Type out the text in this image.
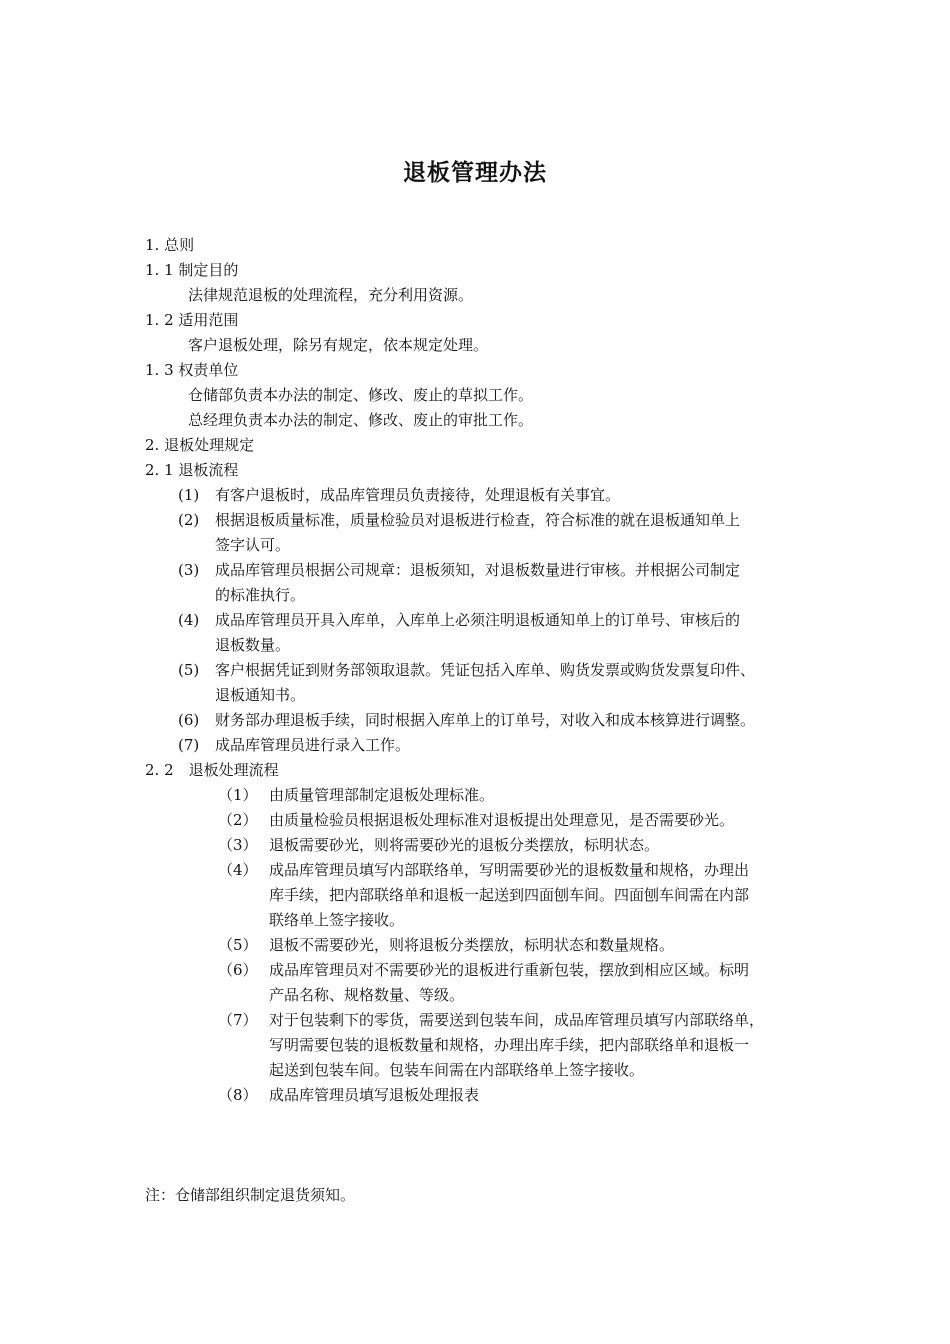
退板管理办法
1. 总则
1. 1 制定目的
法律规范退板的处理流程，充分利用资源。
1. 2 适用范围
客户退板处理，除另有规定，依本规定处理。
1. 3 权责单位
仓储部负责本办法的制定、修改、废止的草拟工作。
总经理负责本办法的制定、修改、废止的审批工作。
2. 退板处理规定
2. 1 退板流程
(1) 有客户退板时，成品库管理员负责接待，处理退板有关事宜。
(2) 根据退板质量标准，质量检验员对退板进行检查，符合标准的就在退板通知单上
签字认可。
(3) 成品库管理员根据公司规章：退板须知，对退板数量进行审核。并根据公司制定
的标准执行。
(4) 成品库管理员开具入库单，入库单上必须注明退板通知单上的订单号、审核后的
退板数量。
(5) 客户根据凭证到财务部领取退款。凭证包括入库单、购货发票或购货发票复印件、
退板通知书。
(6) 财务部办理退板手续，同时根据入库单上的订单号，对收入和成本核算进行调整。
(7) 成品库管理员进行录入工作。
2. 2　退板处理流程
（1） 由质量管理部制定退板处理标准。
（2） 由质量检验员根据退板处理标准对退板提出处理意见，是否需要砂光。
（3） 退板需要砂光，则将需要砂光的退板分类摆放，标明状态。
（4） 成品库管理员填写内部联络单，写明需要砂光的退板数量和规格，办理出
库手续，把内部联络单和退板一起送到四面刨车间。四面刨车间需在内部
联络单上签字接收。
（5） 退板不需要砂光，则将退板分类摆放，标明状态和数量规格。
（6） 成品库管理员对不需要砂光的退板进行重新包装，摆放到相应区域。标明
产品名称、规格数量、等级。
（7） 对于包装剩下的零货，需要送到包装车间，成品库管理员填写内部联络单，
写明需要包装的退板数量和规格，办理出库手续，把内部联络单和退板一
起送到包装车间。包装车间需在内部联络单上签字接收。
（8） 成品库管理员填写退板处理报表
注：仓储部组织制定退货须知。
